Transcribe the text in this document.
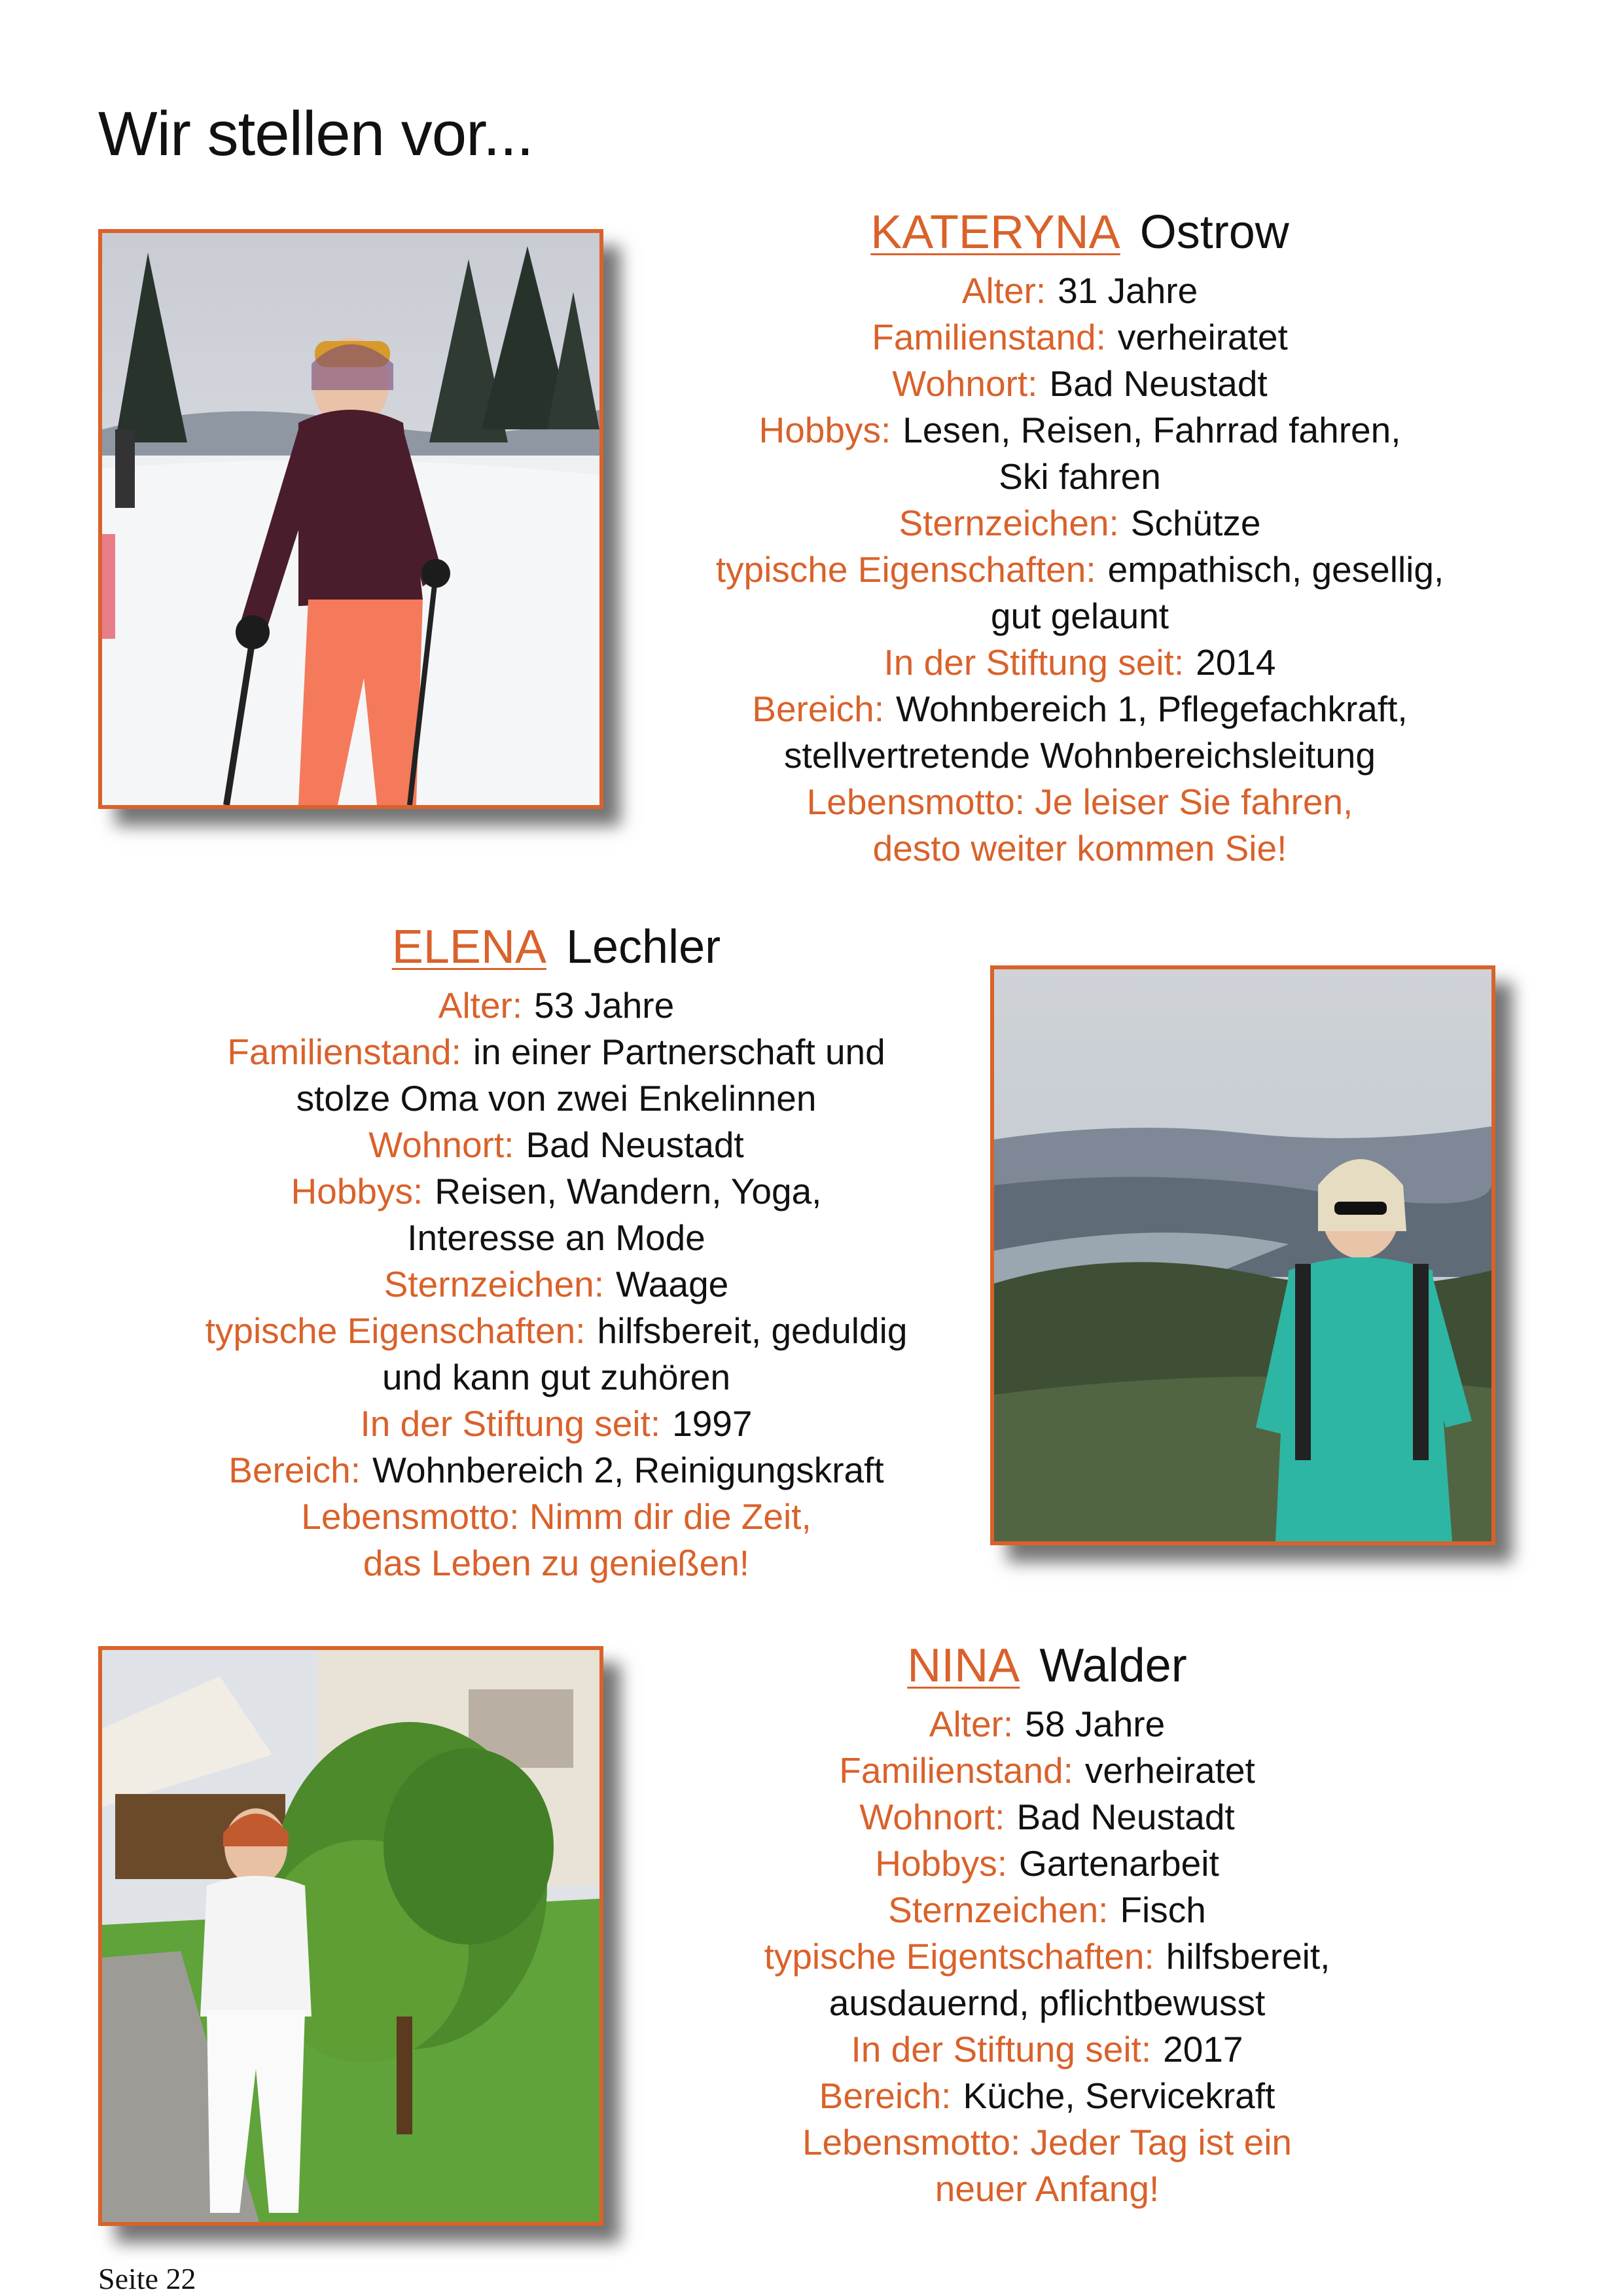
Wir stellen vor...
KATERYNA Ostrow
Alter: 31 Jahre
Familienstand: verheiratet
Wohnort: Bad Neustadt
Hobbys: Lesen, Reisen, Fahrrad fahren,
Ski fahren
Sternzeichen: Schütze
typische Eigenschaften: empathisch, gesellig,
gut gelaunt
In der Stiftung seit: 2014
Bereich: Wohnbereich 1, Pflegefachkraft,
stellvertretende Wohnbereichsleitung
Lebensmotto: Je leiser Sie fahren,
desto weiter kommen Sie!
ELENA Lechler
Alter: 53 Jahre
Familienstand: in einer Partnerschaft und
stolze Oma von zwei Enkelinnen
Wohnort: Bad Neustadt
Hobbys: Reisen, Wandern, Yoga,
Interesse an Mode
Sternzeichen: Waage
typische Eigenschaften: hilfsbereit, geduldig
und kann gut zuhören
In der Stiftung seit: 1997
Bereich: Wohnbereich 2, Reinigungskraft
Lebensmotto: Nimm dir die Zeit,
das Leben zu genießen!
NINA Walder
Alter: 58 Jahre
Familienstand: verheiratet
Wohnort: Bad Neustadt
Hobbys: Gartenarbeit
Sternzeichen: Fisch
typische Eigentschaften: hilfsbereit,
ausdauernd, pflichtbewusst
In der Stiftung seit: 2017
Bereich: Küche, Servicekraft
Lebensmotto: Jeder Tag ist ein
neuer Anfang!
Seite 22
